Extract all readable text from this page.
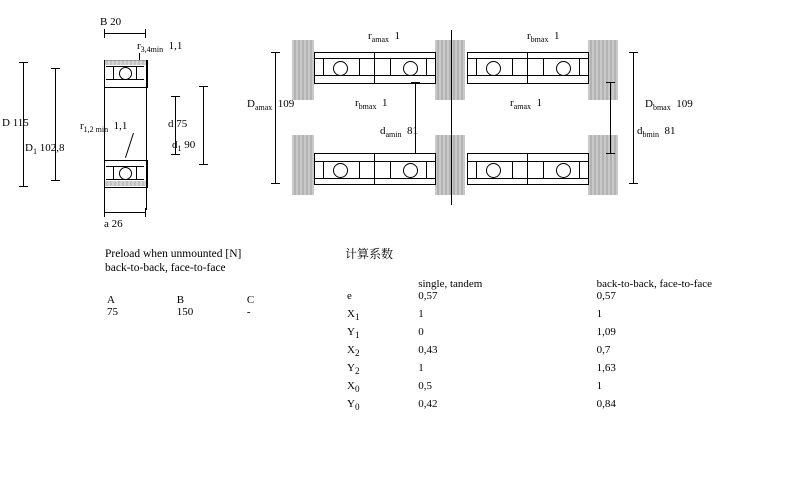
B 20
$r_{3,4min}$ 1,1
a 26
D 115
$D_1$ 102,8
$r_{1,2 min}$ 1,1	d 75
$d_1$ 90
$r_{amax}$ 1	$r_{bmax}$ 1
$r_{bmax}$ 1	$r_{amax}$ 1
$D_{amax}$ 109
$d_{amin}$ 81	$d_{bmin}$ 81
$D_{bmax}$ 109
Preload when unmounted [N]
back-to-back, face-to-face
A	B	C
75	150	-
计算系数
	single, tandem	back-to-back, face-to-face
e	0,57	0,57
$X_1$	1	1
$Y_1$	0	1,09
$X_2$	0,43	0,7
$Y_2$	1	1,63
$X_0$	0,5	1
$Y_0$	0,42	0,84
